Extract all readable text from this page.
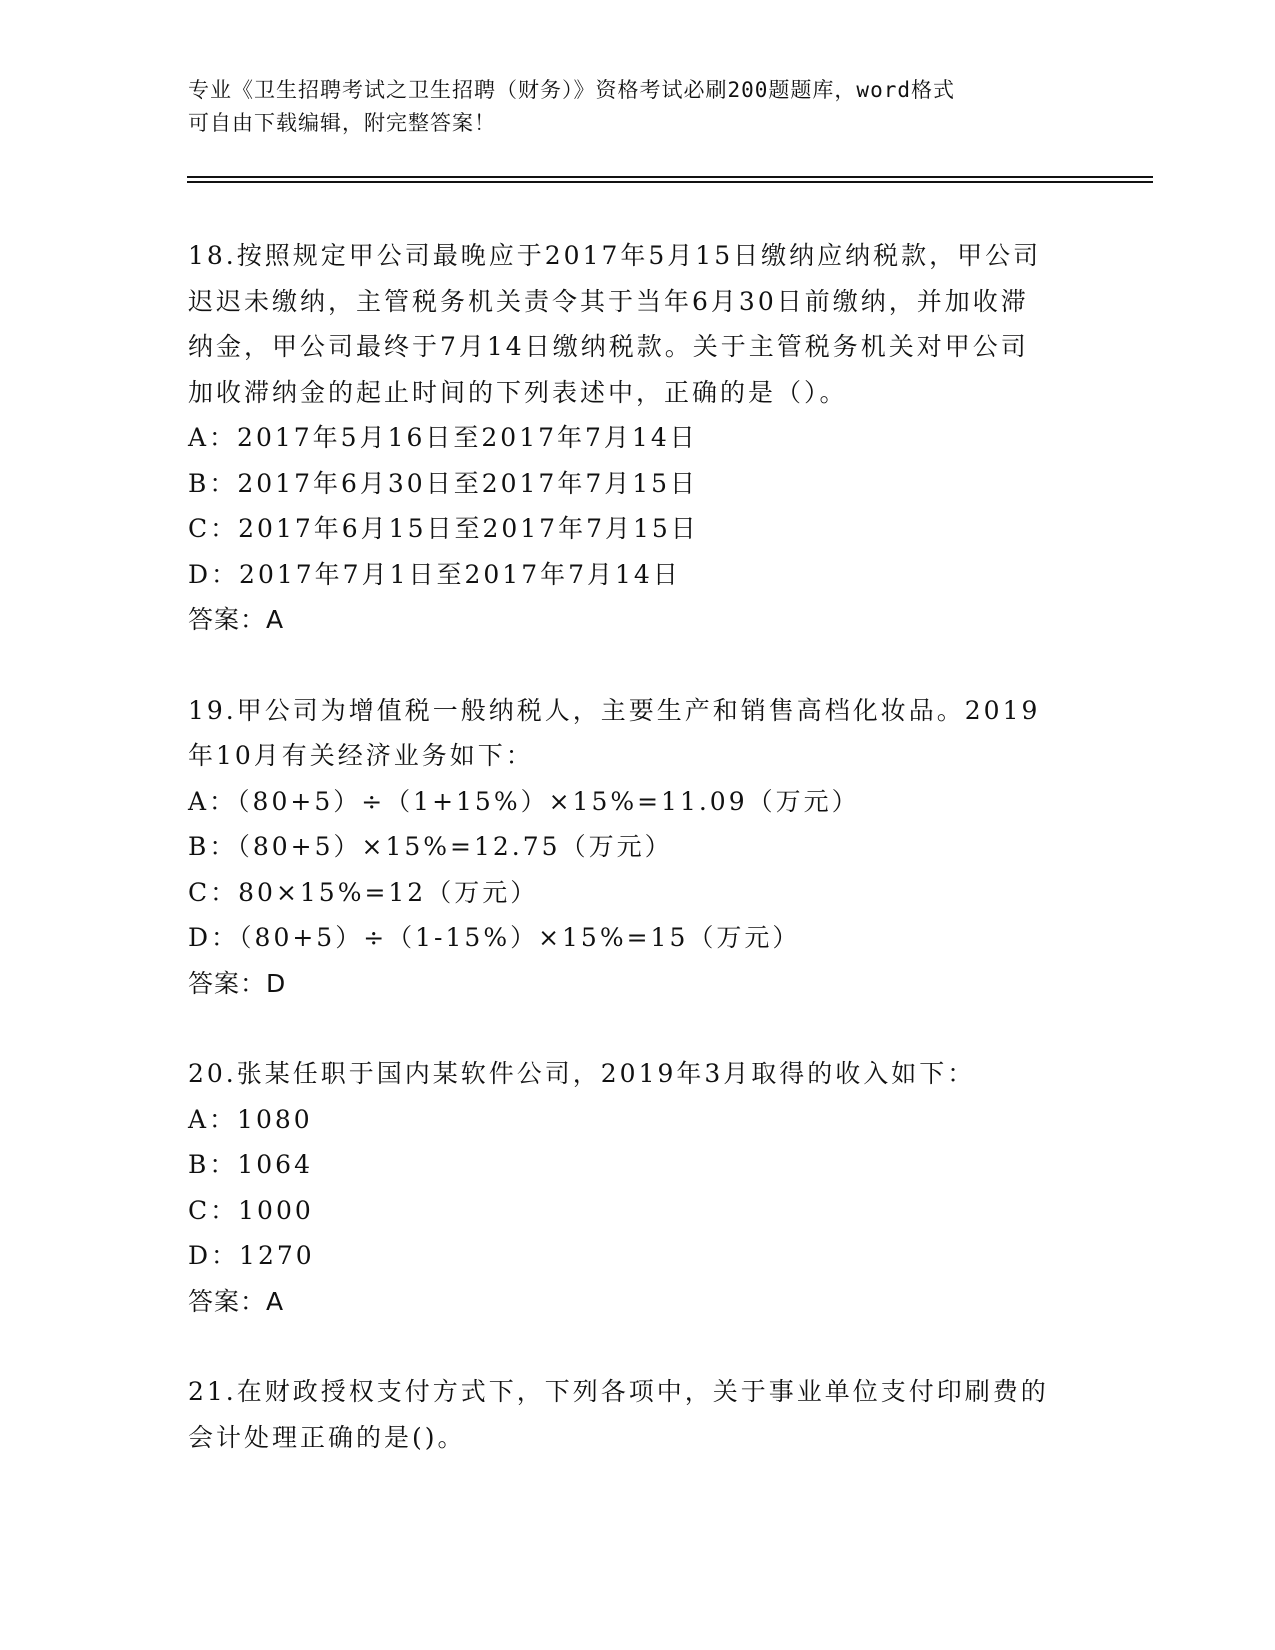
专业《卫生招聘考试之卫生招聘（财务）》资格考试必刷200题题库，word格式
可自由下载编辑，附完整答案！
18.按照规定甲公司最晚应于2017年5月15日缴纳应纳税款，甲公司
迟迟未缴纳，主管税务机关责令其于当年6月30日前缴纳，并加收滞
纳金，甲公司最终于7月14日缴纳税款。关于主管税务机关对甲公司
加收滞纳金的起止时间的下列表述中，正确的是（）。
A：2017年5月16日至2017年7月14日
B：2017年6月30日至2017年7月15日
C：2017年6月15日至2017年7月15日
D：2017年7月1日至2017年7月14日
答案：A
19.甲公司为增值税一般纳税人，主要生产和销售高档化妆品。2019
年10月有关经济业务如下：
A：（80+5）÷（1+15%）×15%=11.09（万元）
B：（80+5）×15%=12.75（万元）
C：80×15%=12（万元）
D：（80+5）÷（1-15%）×15%=15（万元）
答案：D
20.张某任职于国内某软件公司，2019年3月取得的收入如下：
A：1080
B：1064
C：1000
D：1270
答案：A
21.在财政授权支付方式下，下列各项中，关于事业单位支付印刷费的
会计处理正确的是()。
